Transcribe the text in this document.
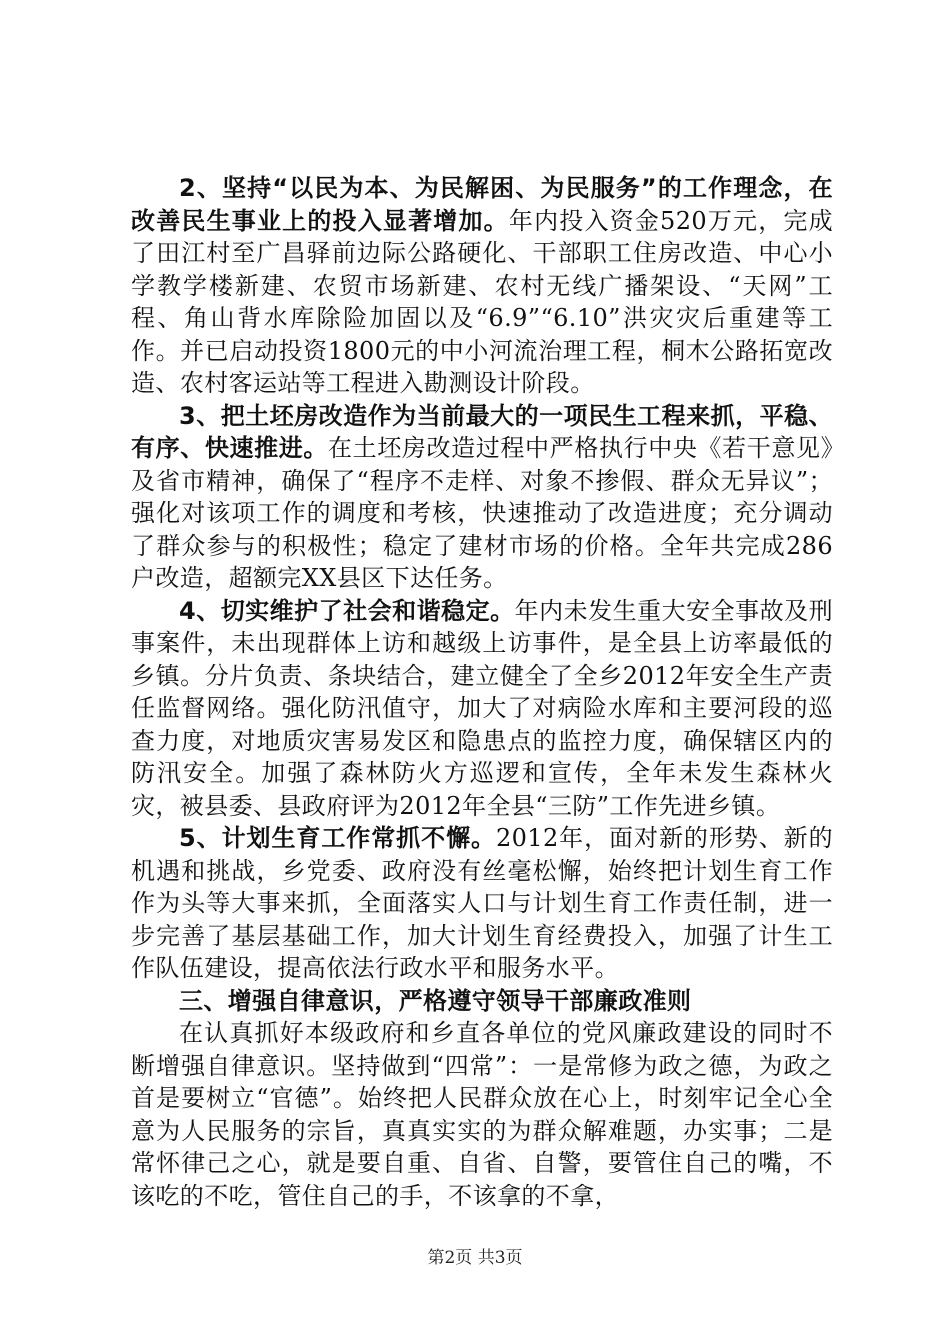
2、坚持“以民为本、为民解困、为民服务”的工作理念，在改善民生事业上的投入显著增加。年内投入资金520万元，完成了田江村至广昌驿前边际公路硬化、干部职工住房改造、中心小学教学楼新建、农贸市场新建、农村无线广播架设、“天网”工程、角山背水库除险加固以及“6.9”“6.10”洪灾灾后重建等工作。并已启动投资1800元的中小河流治理工程，桐木公路拓宽改造、农村客运站等工程进入勘测设计阶段。

3、把土坯房改造作为当前最大的一项民生工程来抓，平稳、有序、快速推进。在土坯房改造过程中严格执行中央《若干意见》及省市精神，确保了“程序不走样、对象不掺假、群众无异议”；强化对该项工作的调度和考核，快速推动了改造进度；充分调动了群众参与的积极性；稳定了建材市场的价格。全年共完成286户改造，超额完XX县区下达任务。

4、切实维护了社会和谐稳定。年内未发生重大安全事故及刑事案件，未出现群体上访和越级上访事件，是全县上访率最低的乡镇。分片负责、条块结合，建立健全了全乡2012年安全生产责任监督网络。强化防汛值守，加大了对病险水库和主要河段的巡查力度，对地质灾害易发区和隐患点的监控力度，确保辖区内的防汛安全。加强了森林防火方巡逻和宣传，全年未发生森林火灾，被县委、县政府评为2012年全县“三防”工作先进乡镇。

5、计划生育工作常抓不懈。2012年，面对新的形势、新的机遇和挑战，乡党委、政府没有丝毫松懈，始终把计划生育工作作为头等大事来抓，全面落实人口与计划生育工作责任制，进一步完善了基层基础工作，加大计划生育经费投入，加强了计生工作队伍建设，提高依法行政水平和服务水平。

三、增强自律意识，严格遵守领导干部廉政准则

在认真抓好本级政府和乡直各单位的党风廉政建设的同时不断增强自律意识。坚持做到“四常”：一是常修为政之德，为政之首是要树立“官德”。始终把人民群众放在心上，时刻牢记全心全意为人民服务的宗旨，真真实实的为群众解难题，办实事；二是常怀律己之心，就是要自重、自省、自警，要管住自己的嘴，不该吃的不吃，管住自己的手，不该拿的不拿，

第2页 共3页
